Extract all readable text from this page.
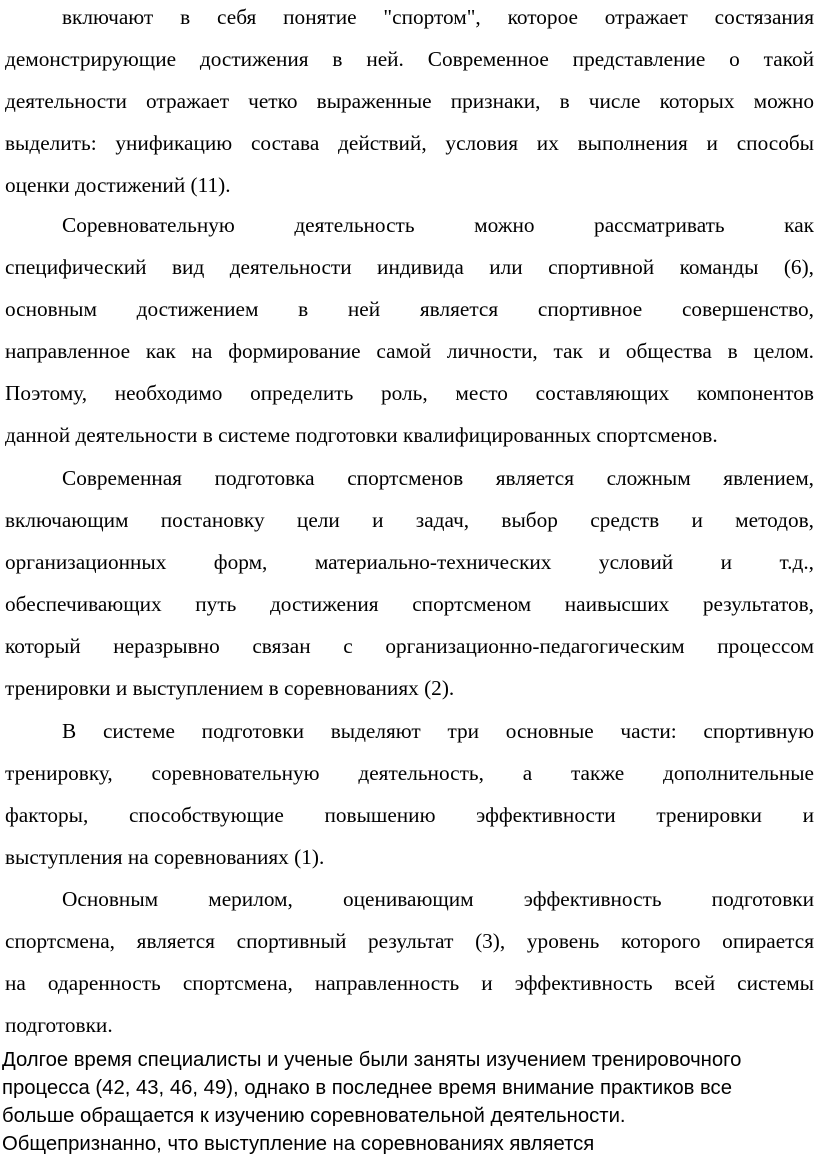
включают в себя понятие "спортом", которое отражает состязания
демонстрирующие достижения в ней. Современное представление о такой
деятельности отражает четко выраженные признаки, в числе которых можно
выделить: унификацию состава действий, условия их выполнения и способы
оценки достижений (11).
Соревновательную деятельность можно рассматривать как
специфический вид деятельности индивида или спортивной команды (6),
основным достижением в ней является спортивное совершенство,
направленное как на формирование самой личности, так и общества в целом.
Поэтому, необходимо определить роль, место составляющих компонентов
данной деятельности в системе подготовки квалифицированных спортсменов.
Современная подготовка спортсменов является сложным явлением,
включающим постановку цели и задач, выбор средств и методов,
организационных форм, материально-технических условий и т.д.,
обеспечивающих путь достижения спортсменом наивысших результатов,
который неразрывно связан с организационно-педагогическим процессом
тренировки и выступлением в соревнованиях (2).
В системе подготовки выделяют три основные части: спортивную
тренировку, соревновательную деятельность, а также дополнительные
факторы, способствующие повышению эффективности тренировки и
выступления на соревнованиях (1).
Основным мерилом, оценивающим эффективность подготовки
спортсмена, является спортивный результат (3), уровень которого опирается
на одаренность спортсмена, направленность и эффективность всей системы
подготовки.
Долгое время специалисты и ученые были заняты изучением тренировочного
процесса (42, 43, 46, 49), однако в последнее время внимание практиков все
больше обращается к изучению соревновательной деятельности.
Общепризнанно, что выступление на соревнованиях является
